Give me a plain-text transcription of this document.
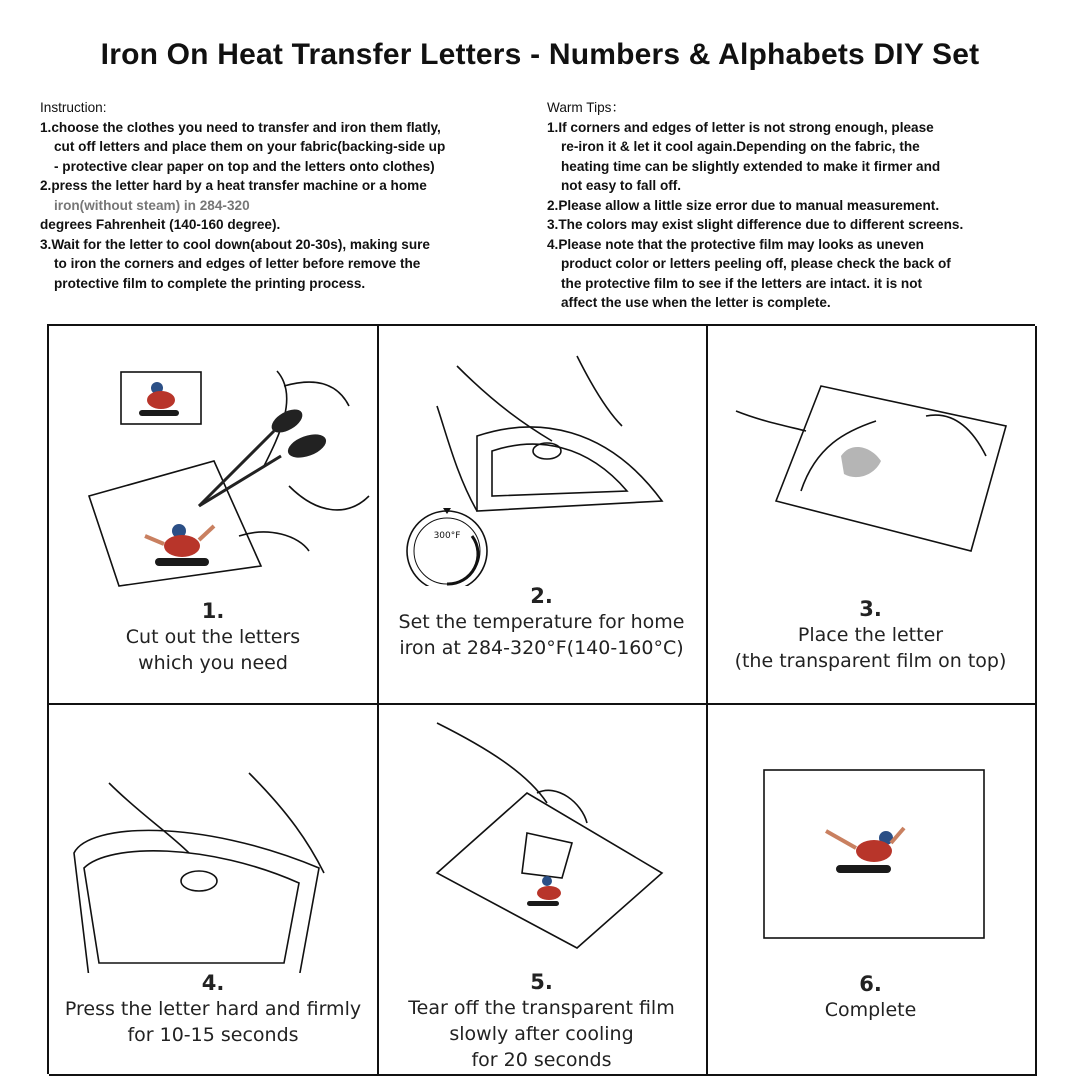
Iron On Heat Transfer Letters - Numbers & Alphabets DIY Set
Instruction:
1.choose the clothes you need to transfer and iron them flatly,
cut off letters and place them on your fabric(backing-side up
- protective clear paper on top and the letters onto clothes)
2.press the letter hard by a heat transfer machine or a home
iron(without steam) in 284-320
degrees Fahrenheit (140-160 degree).
3.Wait for the letter to cool down(about 20-30s), making sure
to iron the corners and edges of letter before remove the
protective film to complete the printing process.
Warm Tips：
1.If corners and edges of letter is not strong enough, please
re-iron it & let it cool again.Depending on the fabric, the
heating time can be slightly extended to make it firmer and
not easy to fall off.
2.Please allow a little size error due to manual measurement.
3.The colors may exist slight difference due to different screens.
4.Please note that the protective film may looks as uneven
product color or letters peeling off, please check the back of
the protective film to see if the letters are intact. it is not
affect the use when the letter is complete.
1.
Cut out the letters
which you need
300°F
2.
Set the temperature for home
iron at 284-320°F(140-160°C)
3.
Place the letter
(the transparent film on top)
4.
Press the letter hard and firmly
for 10-15 seconds
5.
Tear off the transparent film
slowly after cooling
for 20 seconds
6.
Complete
